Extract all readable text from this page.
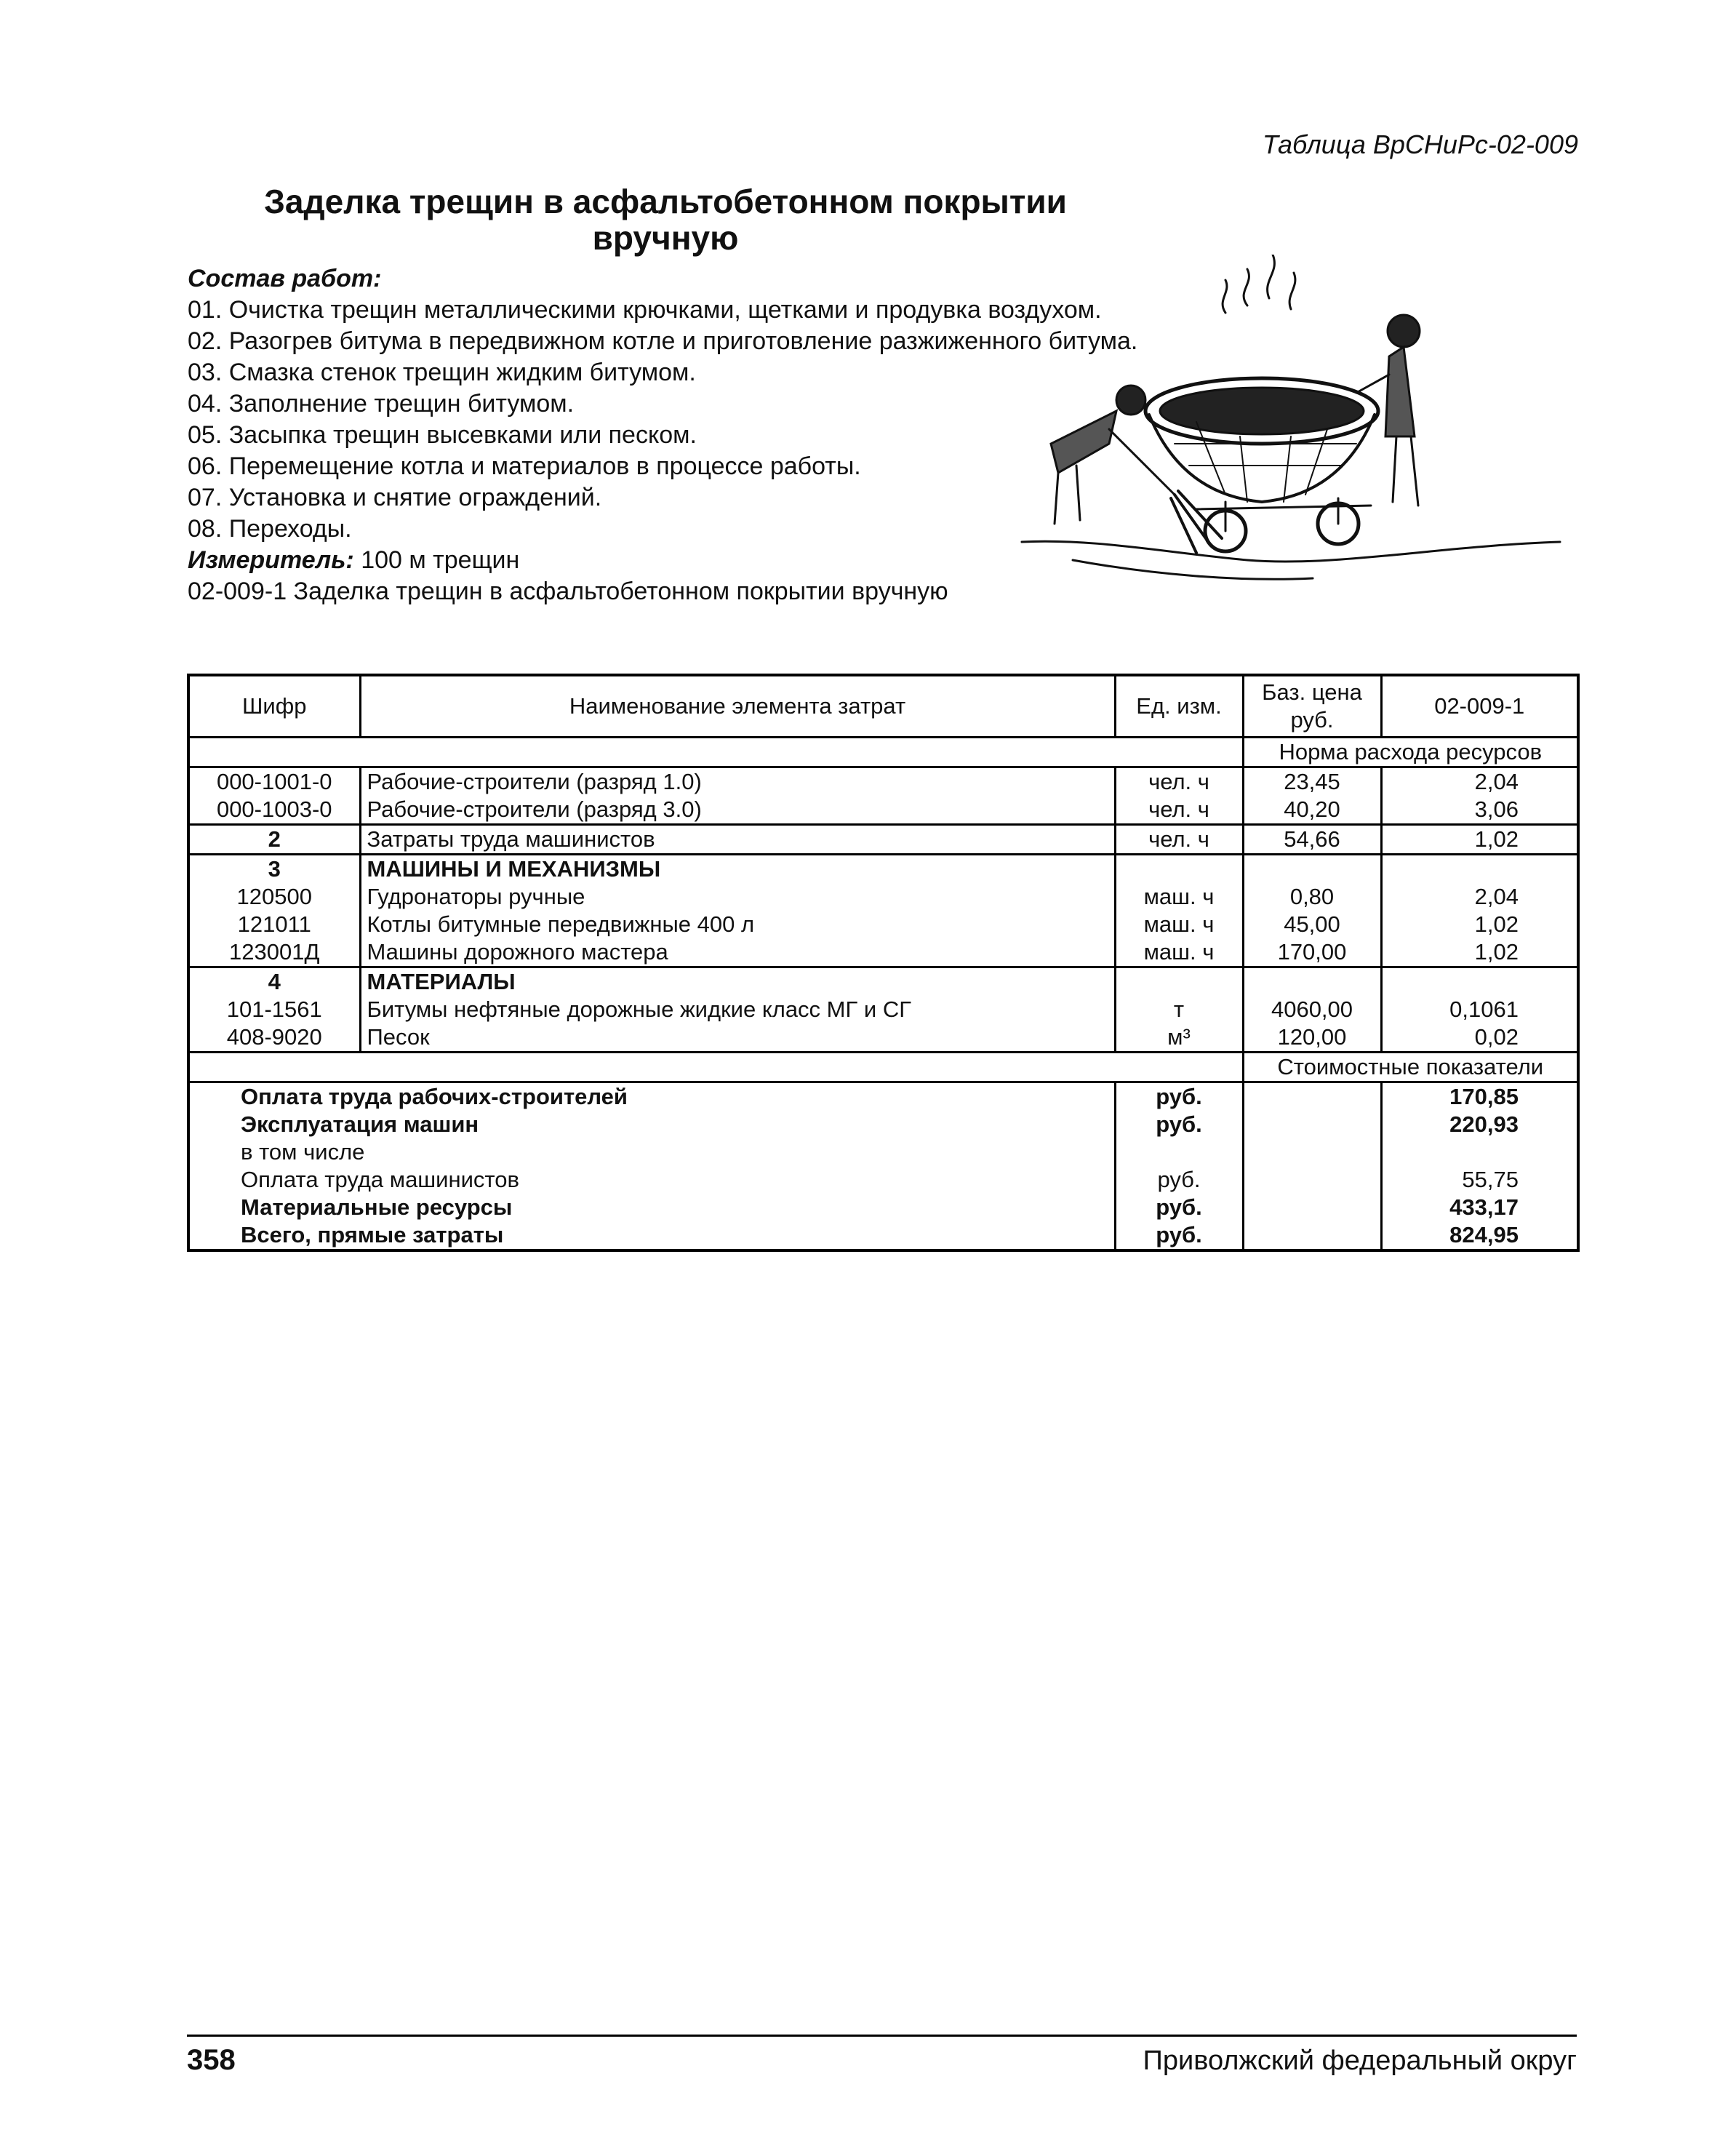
Таблица ВрСНиРс-02-009
Заделка трещин в асфальтобетонном покрытии
вручную
Состав работ:
01. Очистка трещин металлическими крючками, щетками и продувка воздухом.
02. Разогрев битума в передвижном котле и приготовление разжиженного битума.
03. Смазка стенок трещин жидким битумом.
04. Заполнение трещин битумом.
05. Засыпка трещин высевками или песком.
06. Перемещение котла и материалов в процессе работы.
07. Установка и снятие ограждений.
08. Переходы.
Измеритель: 100 м трещин
02-009-1 Заделка трещин в асфальтобетонном покрытии вручную
Шифр	Наименование элемента затрат	Ед. изм.	Баз. цена руб.	02-009-1
			Норма расхода ресурсов	
000-1001-0	Рабочие-строители (разряд 1.0)	чел. ч	23,45	2,04
000-1003-0	Рабочие-строители (разряд 3.0)	чел. ч	40,20	3,06
2	Затраты труда машинистов	чел. ч	54,66	1,02
3	МАШИНЫ И МЕХАНИЗМЫ			
120500	Гудронаторы ручные	маш. ч	0,80	2,04
121011	Котлы битумные передвижные 400 л	маш. ч	45,00	1,02
123001Д	Машины дорожного мастера	маш. ч	170,00	1,02
4	МАТЕРИАЛЫ			
101-1561	Битумы нефтяные дорожные жидкие класс МГ и СГ	т	4060,00	0,1061
408-9020	Песок	м³	120,00	0,02
			Стоимостные показатели	
Оплата труда рабочих-строителей		руб.		170,85
Эксплуатация машин		руб.		220,93
в том числе				
Оплата труда машинистов		руб.		55,75
Материальные ресурсы		руб.		433,17
Всего, прямые затраты		руб.		824,95
358	Приволжский федеральный округ
